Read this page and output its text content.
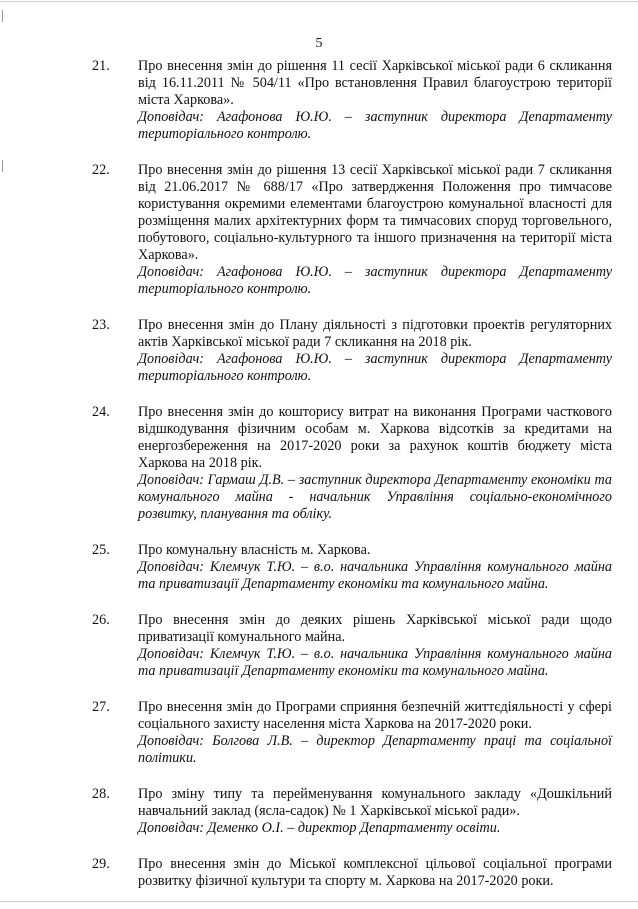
5
21.	Про внесення змін до рішення 11 сесії Харківської міської ради 6 скликання від 16.11.2011 № 504/11 «Про встановлення Правил благоустрою території міста Харкова».

Доповідач: Агафонова Ю.Ю. – заступник директора Департаменту територіального контролю.

22.	Про внесення змін до рішення 13 сесії Харківської міської ради 7 скликання від 21.06.2017 № 688/17 «Про затвердження Положення про тимчасове користування окремими елементами благоустрою комунальної власності для розміщення малих архітектурних форм та тимчасових споруд торговельного, побутового, соціально-культурного та іншого призначення на території міста Харкова».

Доповідач: Агафонова Ю.Ю. – заступник директора Департаменту територіального контролю.

23.	Про внесення змін до Плану діяльності з підготовки проектів регуляторних актів Харківської міської ради 7 скликання на 2018 рік.

Доповідач: Агафонова Ю.Ю. – заступник директора Департаменту територіального контролю.

24.	Про внесення змін до кошторису витрат на виконання Програми часткового відшкодування фізичним особам м. Харкова відсотків за кредитами на енергозбереження на 2017-2020 роки за рахунок коштів бюджету міста Харкова на 2018 рік.

Доповідач: Гармаш Д.В. – заступник директора Департаменту економіки та комунального майна - начальник Управління соціально-економічного розвитку, планування та обліку.

25.	Про комунальну власність м. Харкова.

Доповідач: Клемчук Т.Ю. – в.о. начальника Управління комунального майна та приватизації Департаменту економіки та комунального майна.

26.	Про внесення змін до деяких рішень Харківської міської ради щодо приватизації комунального майна.

Доповідач: Клемчук Т.Ю. – в.о. начальника Управління комунального майна та приватизації Департаменту економіки та комунального майна.

27.	Про внесення змін до Програми сприяння безпечній життєдіяльності у сфері соціального захисту населення міста Харкова на 2017-2020 роки.

Доповідач: Болгова Л.В. – директор Департаменту праці та соціальної політики.

28.	Про зміну типу та перейменування комунального закладу «Дошкільний навчальний заклад (ясла-садок) № 1 Харківської міської ради».

Доповідач: Деменко О.І. – директор Департаменту освіти.

29.	Про внесення змін до Міської комплексної цільової соціальної програми розвитку фізичної культури та спорту м. Харкова на 2017-2020 роки.
